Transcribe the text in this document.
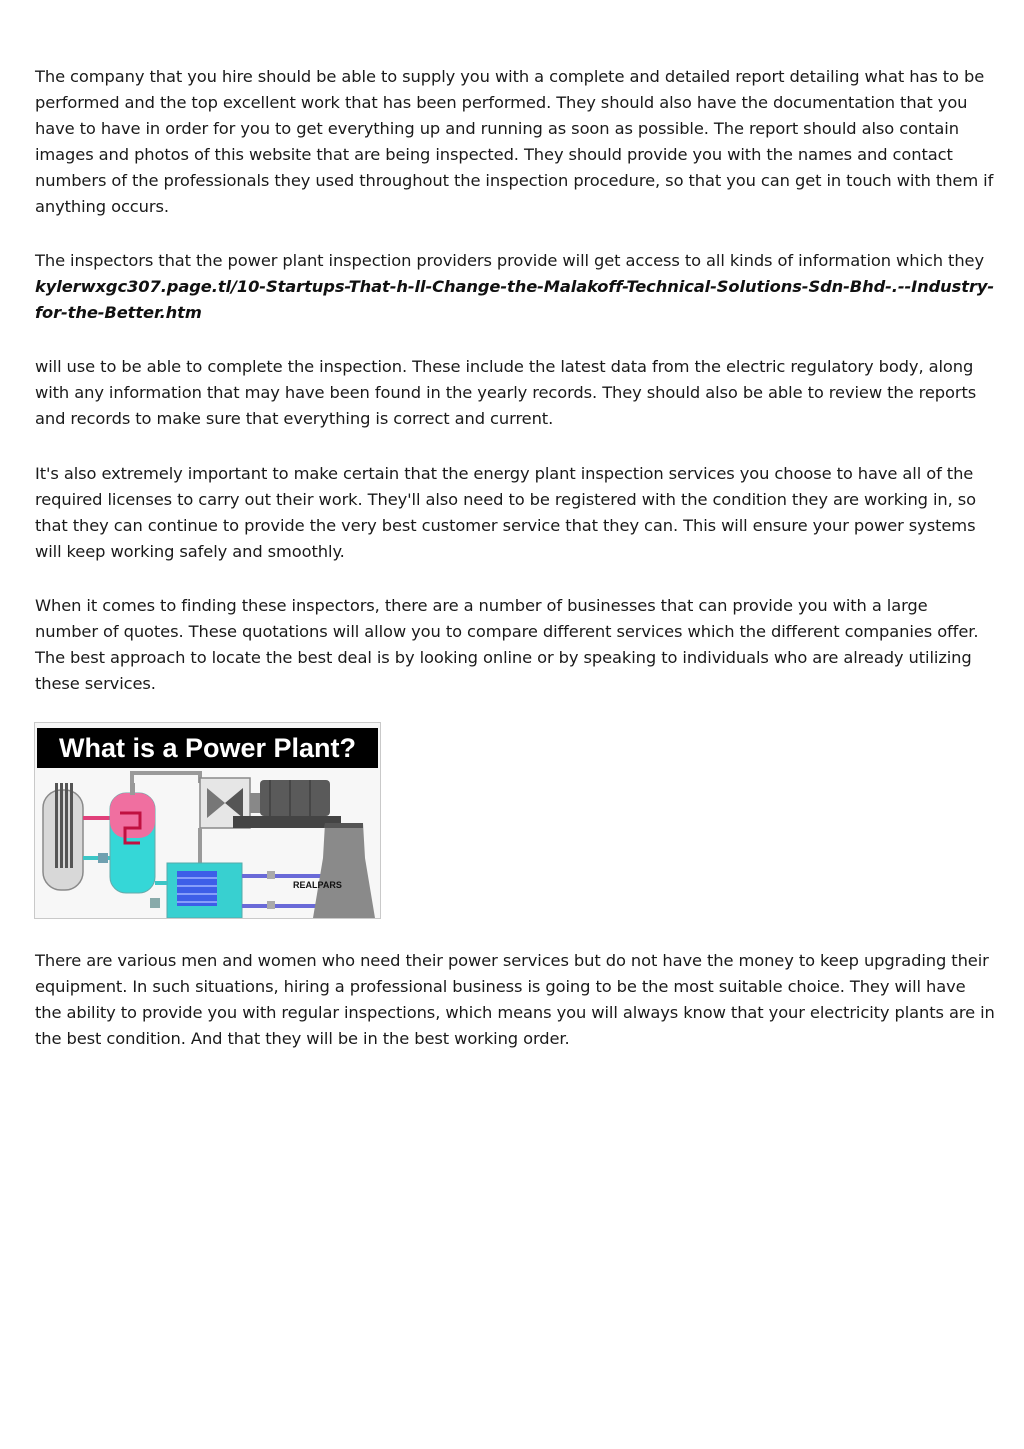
The company that you hire should be able to supply you with a complete and detailed report detailing what has to be performed and the top excellent work that has been performed. They should also have the documentation that you have to have in order for you to get everything up and running as soon as possible. The report should also contain images and photos of this website that are being inspected. They should provide you with the names and contact numbers of the professionals they used throughout the inspection procedure, so that you can get in touch with them if anything occurs.

The inspectors that the power plant inspection providers provide will get access to all kinds of information which they kylerwxgc307.page.tl/10-Startups-That-h-ll-Change-the-Malakoff-Technical-Solutions-Sdn-Bhd-.--Industry-for-the-Better.htm

will use to be able to complete the inspection. These include the latest data from the electric regulatory body, along with any information that may have been found in the yearly records. They should also be able to review the reports and records to make sure that everything is correct and current.

It's also extremely important to make certain that the energy plant inspection services you choose to have all of the required licenses to carry out their work. They'll also need to be registered with the condition they are working in, so that they can continue to provide the very best customer service that they can. This will ensure your power systems will keep working safely and smoothly.

When it comes to finding these inspectors, there are a number of businesses that can provide you with a large number of quotes. These quotations will allow you to compare different services which the different companies offer. The best approach to locate the best deal is by looking online or by speaking to individuals who are already utilizing these services.

What is a Power Plant?
REALPARS

There are various men and women who need their power services but do not have the money to keep upgrading their equipment. In such situations, hiring a professional business is going to be the most suitable choice. They will have the ability to provide you with regular inspections, which means you will always know that your electricity plants are in the best condition. And that they will be in the best working order.
